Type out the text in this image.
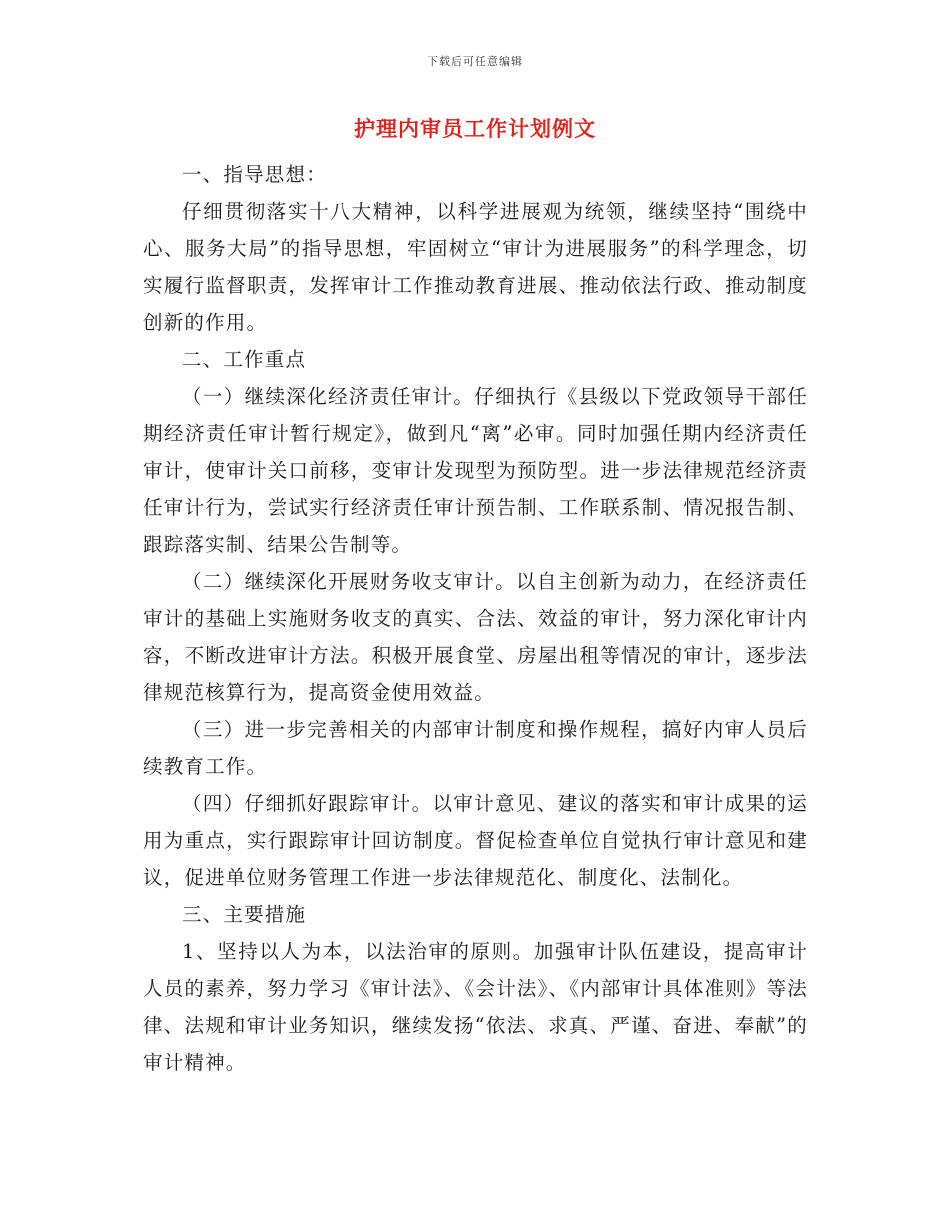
下载后可任意编辑
护理内审员工作计划例文

一、指导思想：

仔细贯彻落实十八大精神，以科学进展观为统领，继续坚持“围绕中心、服务大局”的指导思想，牢固树立“审计为进展服务”的科学理念，切实履行监督职责，发挥审计工作推动教育进展、推动依法行政、推动制度创新的作用。

二、工作重点

（一）继续深化经济责任审计。仔细执行《县级以下党政领导干部任期经济责任审计暂行规定》，做到凡“离”必审。同时加强任期内经济责任审计，使审计关口前移，变审计发现型为预防型。进一步法律规范经济责任审计行为，尝试实行经济责任审计预告制、工作联系制、情况报告制、跟踪落实制、结果公告制等。

（二）继续深化开展财务收支审计。以自主创新为动力，在经济责任审计的基础上实施财务收支的真实、合法、效益的审计，努力深化审计内容，不断改进审计方法。积极开展食堂、房屋出租等情况的审计，逐步法律规范核算行为，提高资金使用效益。

（三）进一步完善相关的内部审计制度和操作规程，搞好内审人员后续教育工作。

（四）仔细抓好跟踪审计。以审计意见、建议的落实和审计成果的运用为重点，实行跟踪审计回访制度。督促检查单位自觉执行审计意见和建议，促进单位财务管理工作进一步法律规范化、制度化、法制化。

三、主要措施

1、坚持以人为本，以法治审的原则。加强审计队伍建设，提高审计人员的素养，努力学习《审计法》、《会计法》、《内部审计具体准则》等法律、法规和审计业务知识，继续发扬“依法、求真、严谨、奋进、奉献”的审计精神。
